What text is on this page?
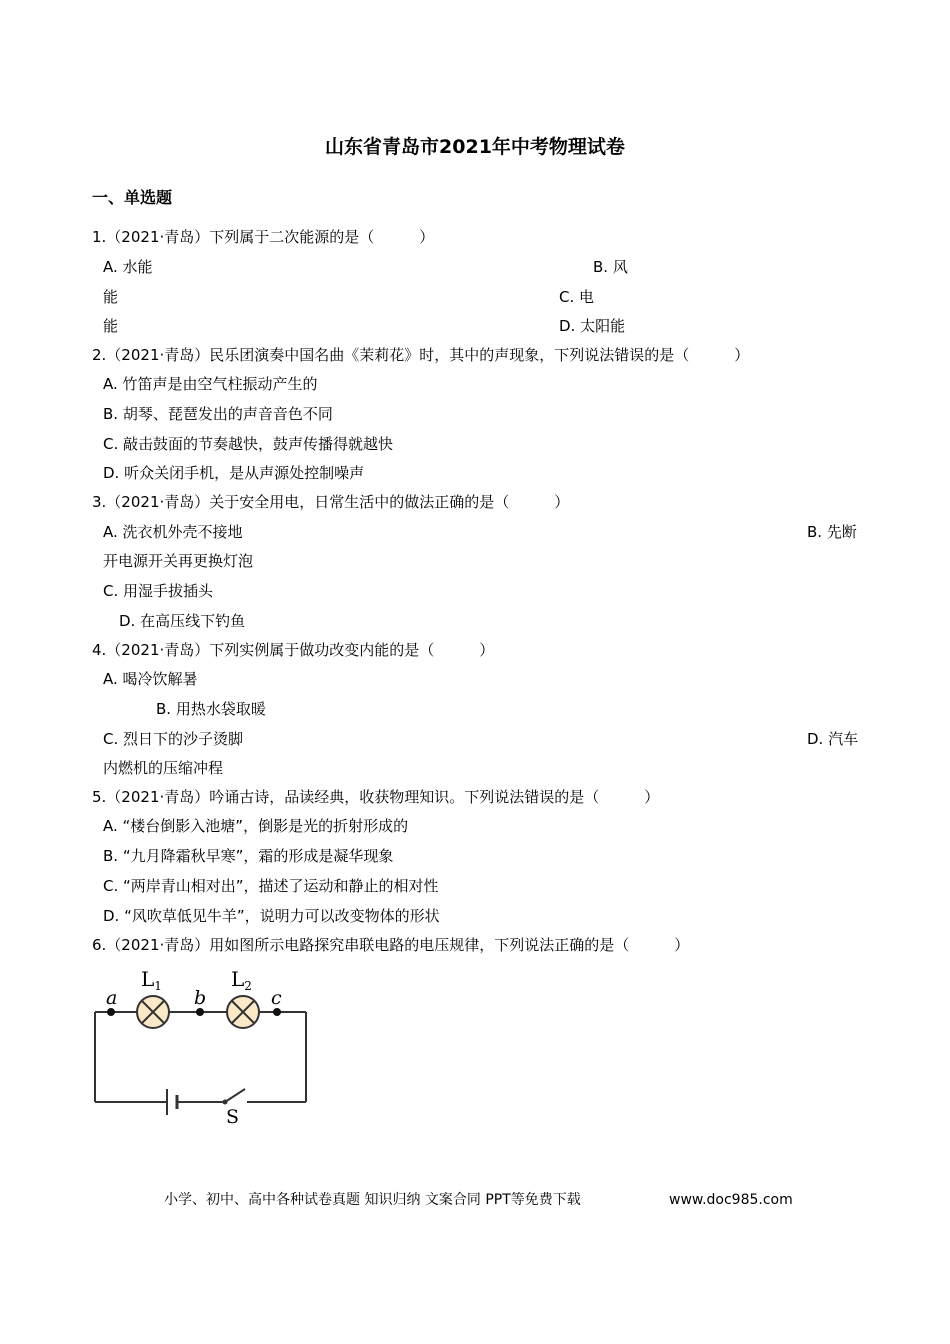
山东省青岛市2021年中考物理试卷
一、单选题
1.（2021·青岛）下列属于二次能源的是（　　　）
A. 水能	B. 风
能	C. 电
能	D. 太阳能
2.（2021·青岛）民乐团演奏中国名曲《茉莉花》时，其中的声现象，下列说法错误的是（　　　）
A. 竹笛声是由空气柱振动产生的
B. 胡琴、琵琶发出的声音音色不同
C. 敲击鼓面的节奏越快，鼓声传播得就越快
D. 听众关闭手机，是从声源处控制噪声
3.（2021·青岛）关于安全用电，日常生活中的做法正确的是（　　　）
A. 洗衣机外壳不接地	B. 先断
开电源开关再更换灯泡
C. 用湿手拔插头
D. 在高压线下钓鱼
4.（2021·青岛）下列实例属于做功改变内能的是（　　　）
A. 喝冷饮解暑
B. 用热水袋取暖
C. 烈日下的沙子烫脚	D. 汽车
内燃机的压缩冲程
5.（2021·青岛）吟诵古诗，品读经典，收获物理知识。下列说法错误的是（　　　）
A. “楼台倒影入池塘”，倒影是光的折射形成的
B. “九月降霜秋早寒”，霜的形成是凝华现象
C. “两岸青山相对出”，描述了运动和静止的相对性
D. “风吹草低见牛羊”，说明力可以改变物体的形状
6.（2021·青岛）用如图所示电路探究串联电路的电压规律，下列说法正确的是（　　　）
a	b	c
$L_1$	$L_2$
S
小学、初中、高中各种试卷真题 知识归纳 文案合同 PPT等免费下载	www.doc985.com
